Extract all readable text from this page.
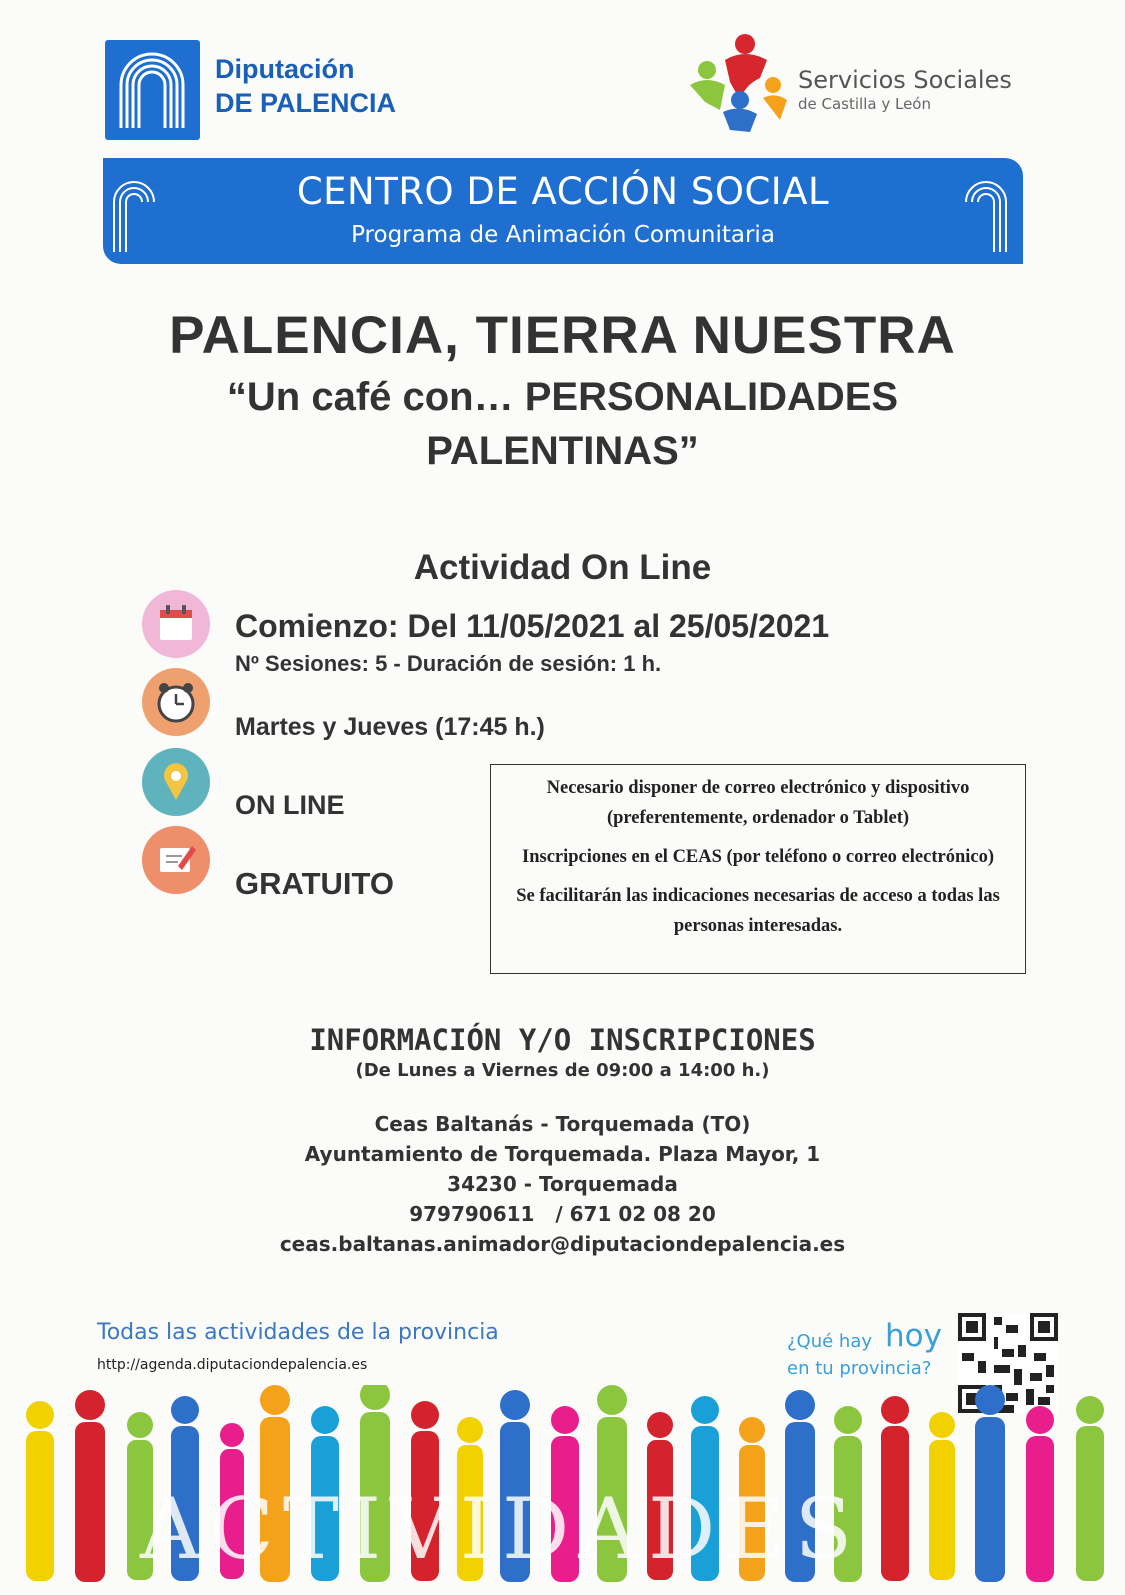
Diputación
DE PALENCIA
Servicios Sociales
de Castilla y León
CENTRO DE ACCIÓN SOCIAL
Programa de Animación Comunitaria
PALENCIA, TIERRA NUESTRA
“Un café con… PERSONALIDADES
PALENTINAS”
Actividad On Line
Comienzo: Del 11/05/2021 al 25/05/2021
Nº Sesiones: 5 - Duración de sesión: 1 h.
Martes y Jueves (17:45 h.)
ON LINE
GRATUITO

Necesario disponer de correo electrónico y dispositivo (preferentemente, ordenador o Tablet)

Inscripciones en el CEAS (por teléfono o correo electrónico)

Se facilitarán las indicaciones necesarias de acceso a todas las personas interesadas.

INFORMACIÓN Y/O INSCRIPCIONES
(De Lunes a Viernes de 09:00 a 14:00 h.)
Ceas Baltanás - Torquemada (TO)
Ayuntamiento de Torquemada. Plaza Mayor, 1
34230 - Torquemada
979790611   / 671 02 08 20
ceas.baltanas.animador@diputaciondepalencia.es
Todas las actividades de la provincia
http://agenda.diputaciondepalencia.es
¿Qué hay hoy
en tu provincia?
ACTIVIDADES
